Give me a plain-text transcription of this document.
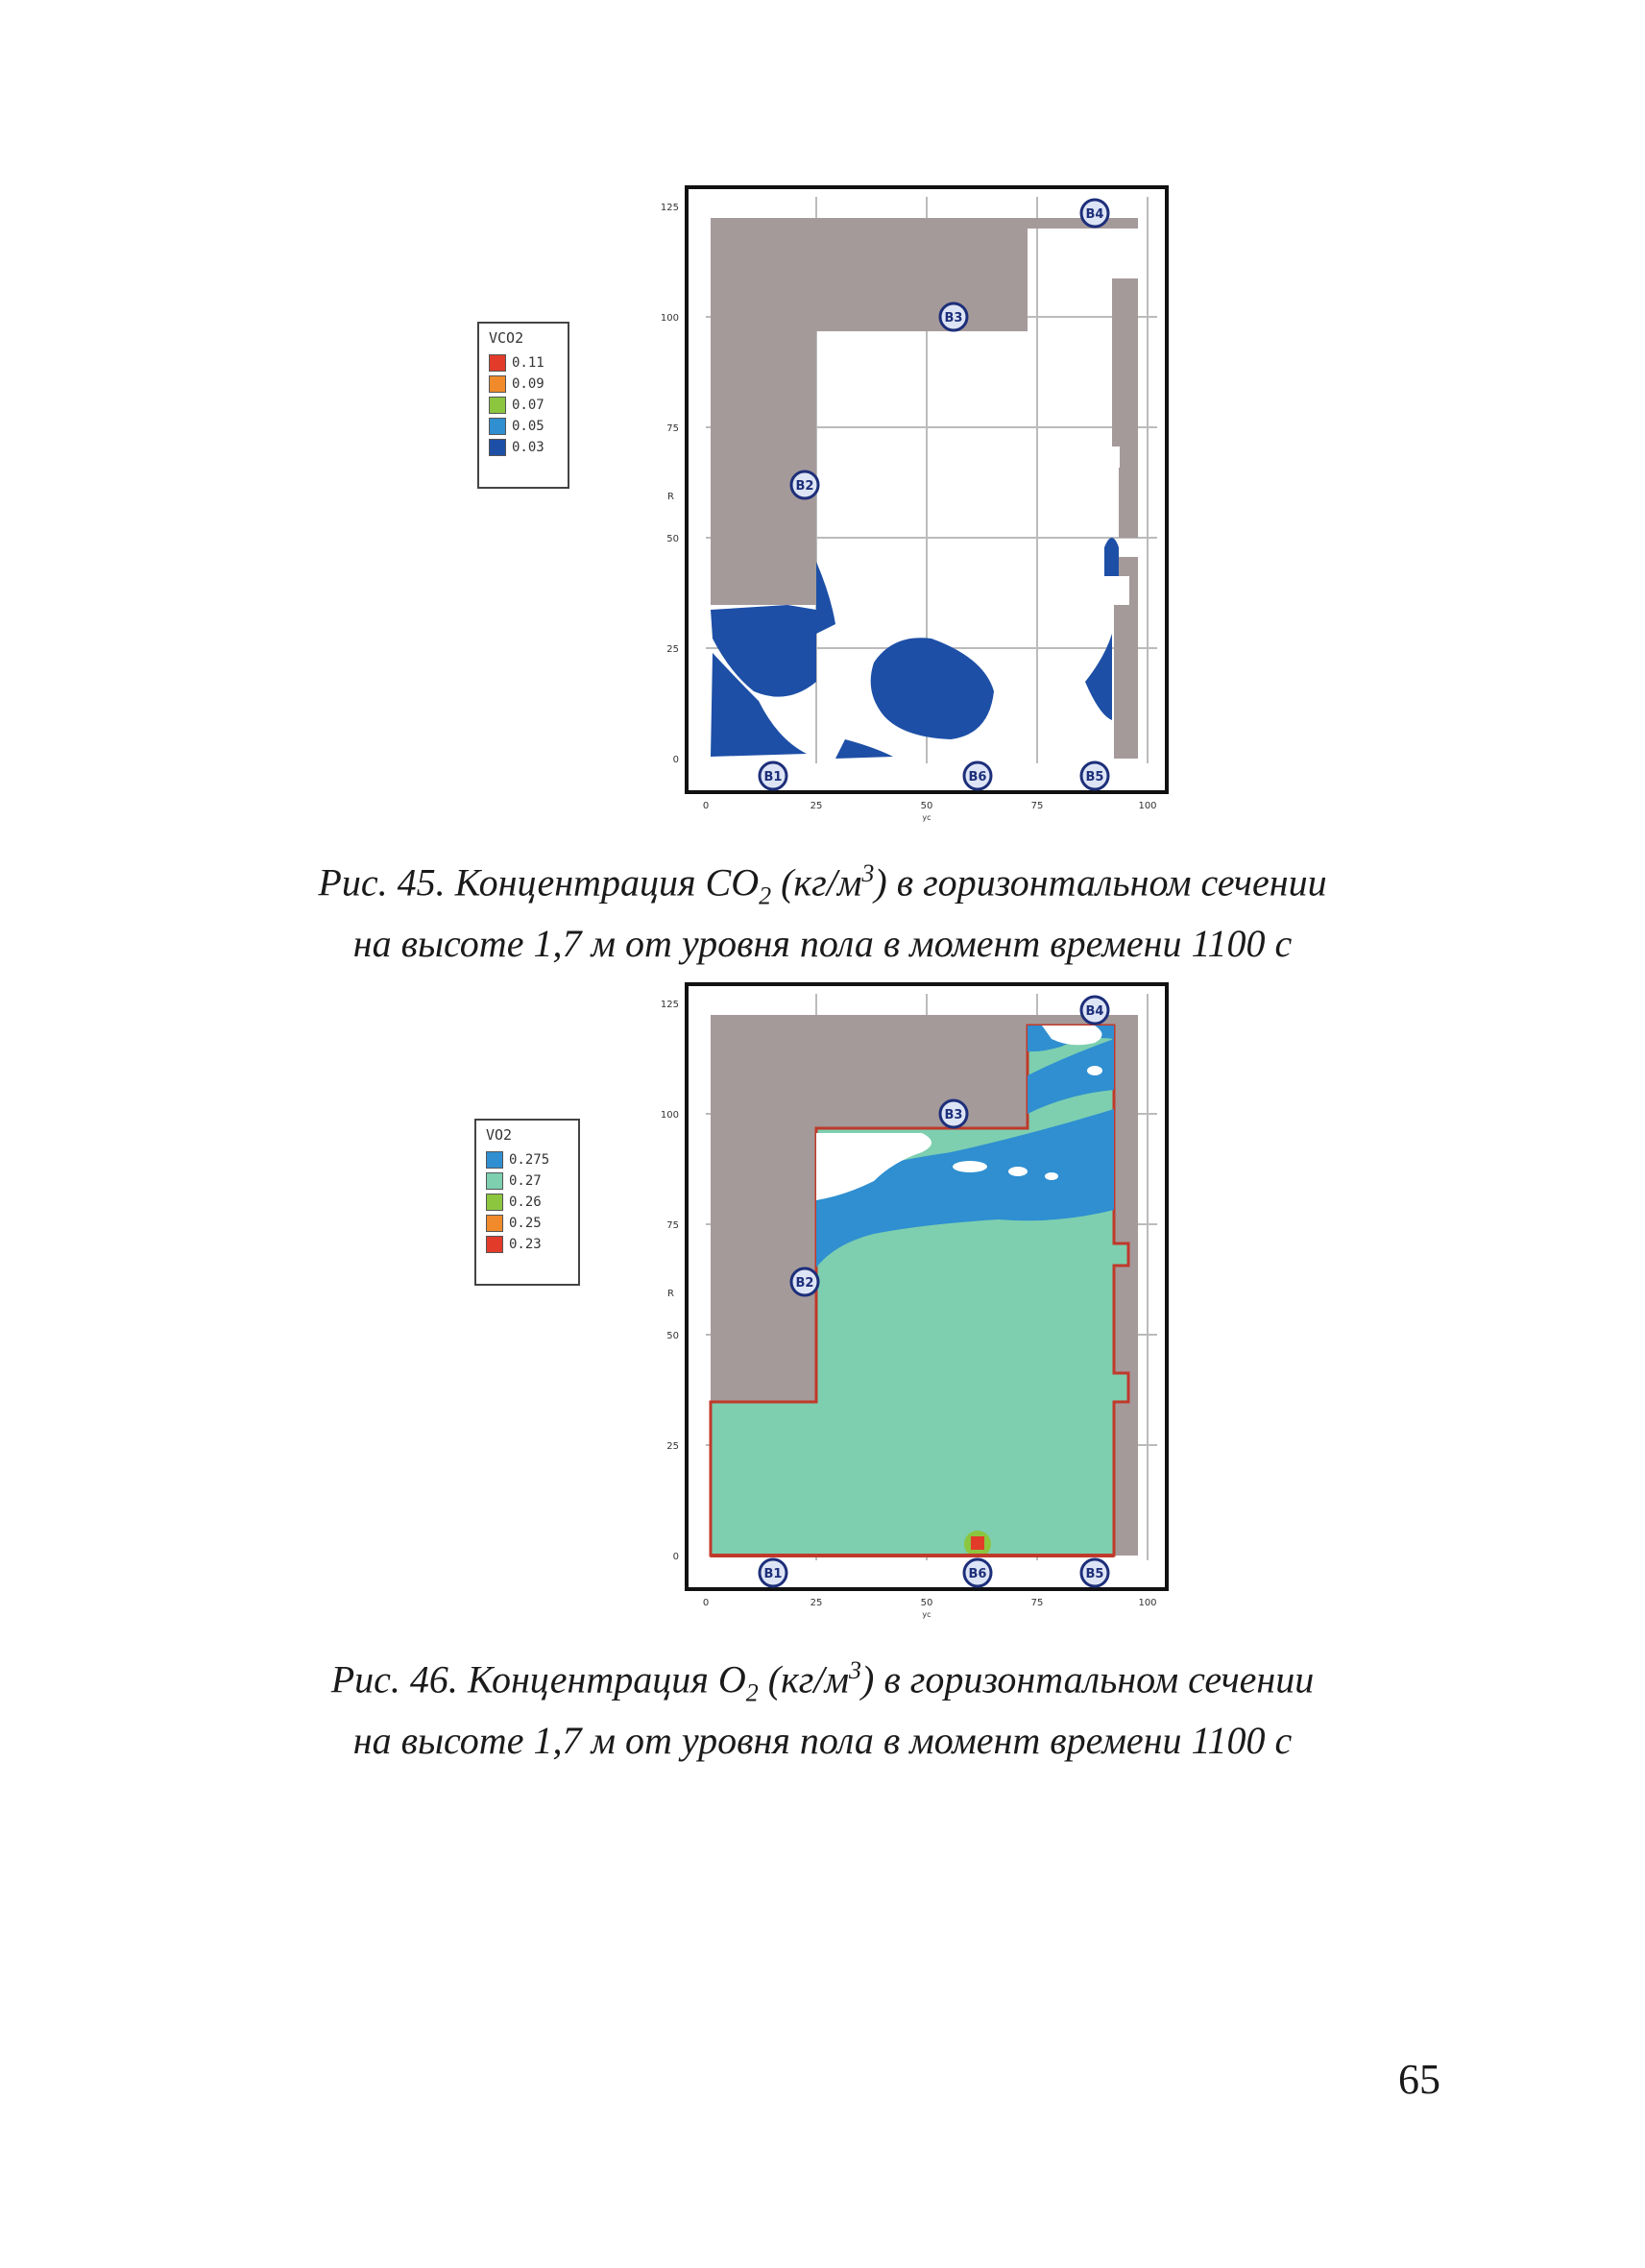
VCO2
0.11
0.09
0.07
0.05
0.03
125
100
75
50
25
0
R
0	25	50	75	100
yc
B1
B2
B3
B4
B5
B6
Рис. 45. Концентрация $CO_2$ $(кг/м^3)$ в горизонтальном сечении
на высоте 1,7 м от уровня пола в момент времени 1100 с
VO2
0.275
0.27
0.26
0.25
0.23
125
100
75
50
25
0
R
0	25	50	75	100
yc
B1
B2
B3
B4
B5
B6
Рис. 46. Концентрация $O_2$ $(кг/м^3)$ в горизонтальном сечении
на высоте 1,7 м от уровня пола в момент времени 1100 с
65
